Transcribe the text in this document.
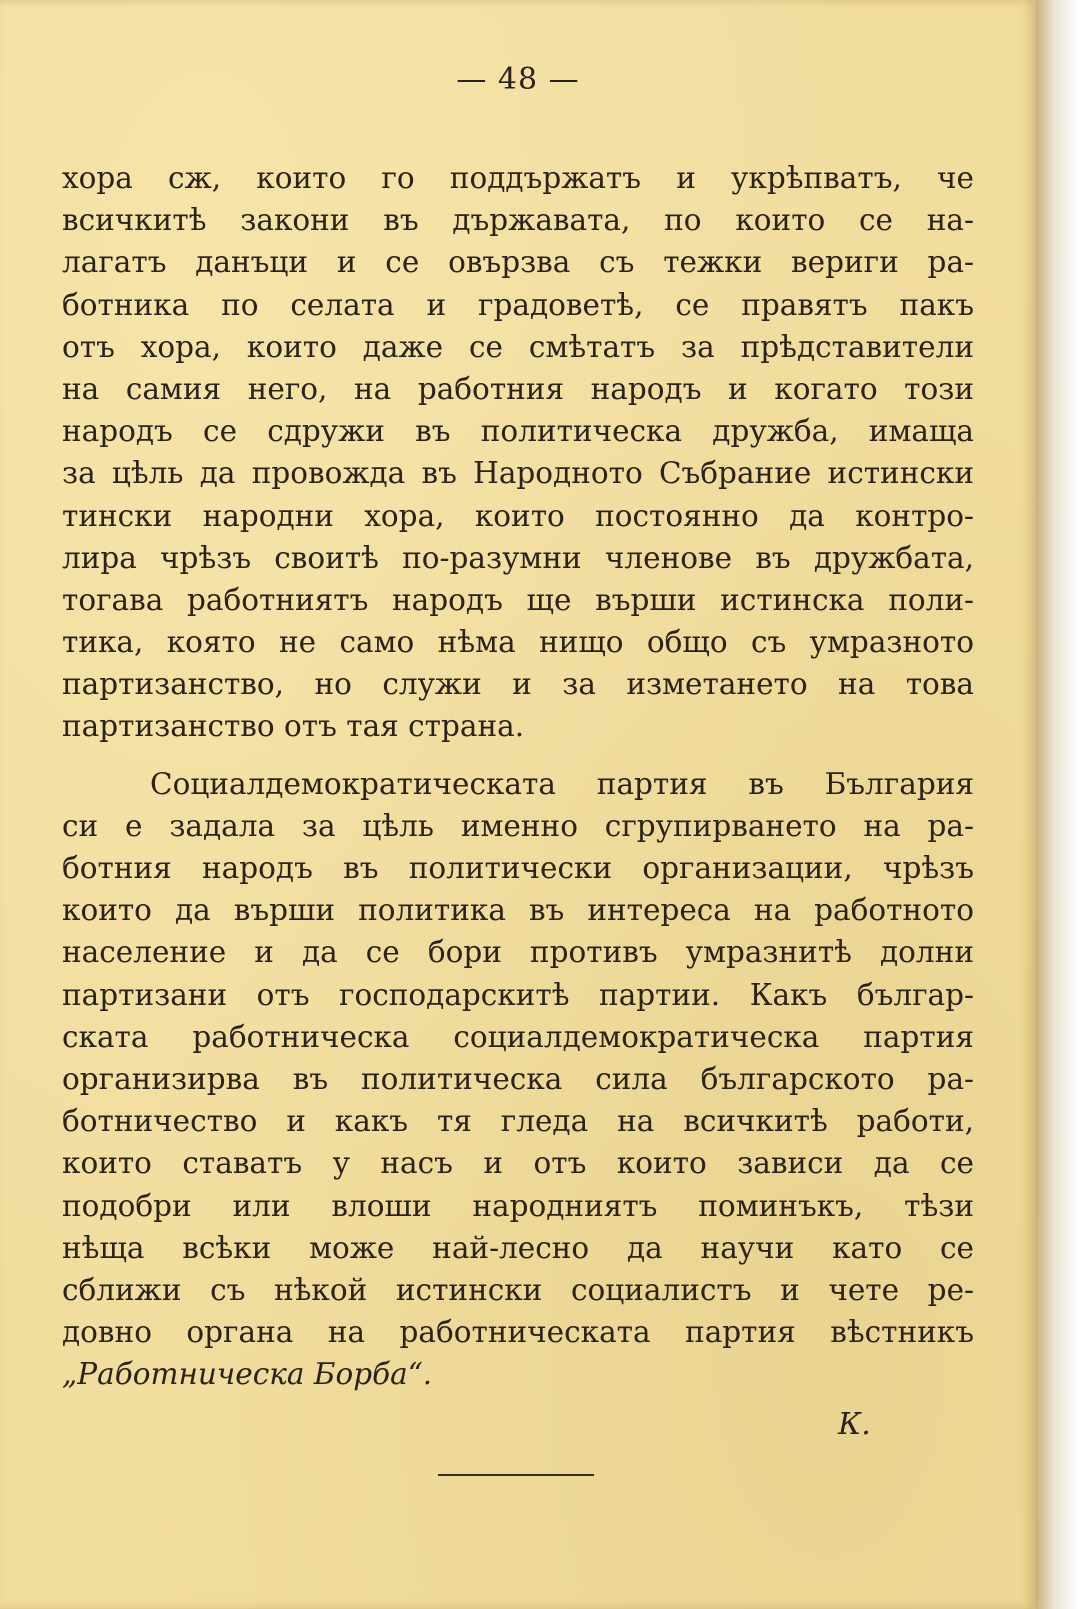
— 48 —
хора сж, които го поддържатъ и укрѣпватъ, че
всичкитѣ закони въ държавата, по които се на-
лагатъ данъци и се овързва съ тежки вериги ра-
ботника по селата и градоветѣ, се правятъ пакъ
отъ хора, които даже се смѣтатъ за прѣдставители
на самия него, на работния народъ и когато този
народъ се сдружи въ политическа дружба, имаща
за цѣль да провожда въ Народното Събрание истински
тински народни хора, които постоянно да контро-
лира чрѣзъ своитѣ по-разумни членове въ дружбата,
тогава работниятъ народъ ще върши истинска поли-
тика, която не само нѣма нищо общо съ умразното
партизанство, но служи и за изметането на това
партизанство отъ тая страна.
Социалдемократическата партия въ България
си е задала за цѣль именно сгрупирването на ра-
ботния народъ въ политически организации, чрѣзъ
които да върши политика въ интереса на работното
население и да се бори противъ умразнитѣ долни
партизани отъ господарскитѣ партии. Какъ българ-
ската работническа социалдемократическа партия
организирва въ политическа сила българското ра-
ботничество и какъ тя гледа на всичкитѣ работи,
които ставатъ у насъ и отъ които зависи да се
подобри или влоши народниятъ поминъкъ, тѣзи
нѣща всѣки може най-лесно да научи като се
сближи съ нѣкой истински социалистъ и чете ре-
довно органа на работническата партия вѣстникъ
„Работническа Борба“.
К.
